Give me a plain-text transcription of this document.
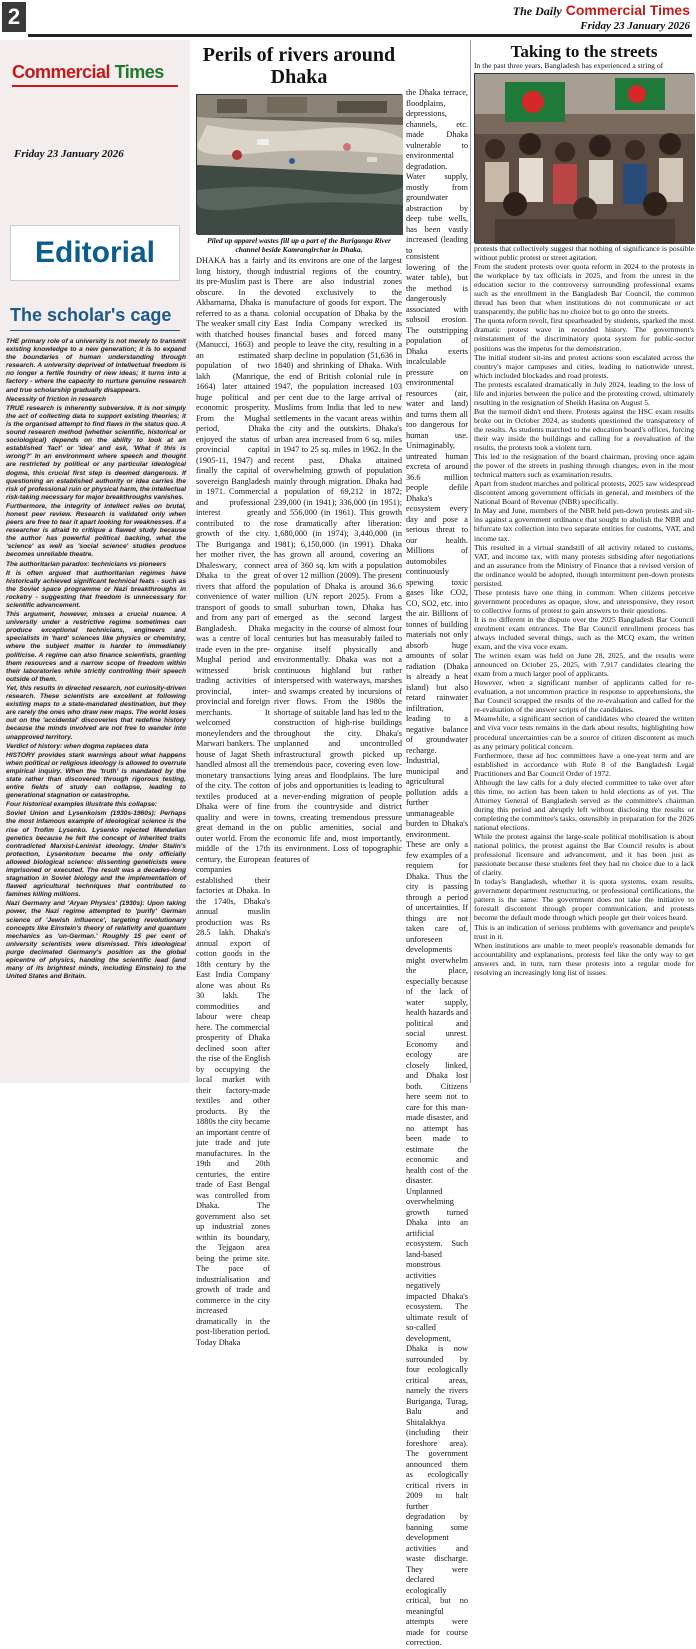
2	The Daily Commercial Times
Friday 23 January 2026
Commercial Times
Friday 23 January 2026
Editorial
The scholar's cage

THE primary role of a university is not merely to transmit existing knowledge to a new generation; it is to expand the boundaries of human understanding through research. A university deprived of intellectual freedom is no longer a fertile foundry of new ideas; it turns into a factory - where the capacity to nurture genuine research and true scholarship gradually disappears.

Necessity of friction in research

TRUE research is inherently subversive. It is not simply the act of collecting data to support existing theories; it is the organised attempt to find flaws in the status quo. A sound research method (whether scientific, historical or sociological) depends on the ability to look at an established 'fact' or 'idea' and ask, 'What if this is wrong?' In an environment where speech and thought are restricted by political or any particular ideological dogma, this crucial first step is deemed dangerous. If questioning an established authority or idea carries the risk of professional ruin or physical harm, the intellectual risk-taking necessary for major breakthroughs vanishes.

Furthermore, the integrity of intellect relies on brutal, honest peer review. Research is validated only when peers are free to tear it apart looking for weaknesses. If a researcher is afraid to critique a flawed study because the author has powerful political backing, what the 'science' as well as 'social science' studies produce becomes unreliable theatre.

The authoritarian paradox: technicians vs pioneers

It is often argued that authoritarian regimes have historically achieved significant technical feats - such as the Soviet space programme or Nazi breakthroughs in rocketry - suggesting that freedom is unnecessary for scientific advancement.

This argument, however, misses a crucial nuance. A university under a restrictive regime sometimes can produce exceptional technicians, engineers and specialists in 'hard' sciences like physics or chemistry, where the subject matter is harder to immediately politicise. A regime can also finance scientists, granting them resources and a narrow scope of freedom within their laboratories while strictly controlling their speech outside of them.

Yet, this results in directed research, not curiosity-driven research. These scientists are excellent at following existing maps to a state-mandated destination, but they are rarely the ones who draw new maps. The world loses out on the 'accidental' discoveries that redefine history because the minds involved are not free to wander into unapproved territory.

Verdict of history: when dogma replaces data

HISTORY provides stark warnings about what happens when political or religious ideology is allowed to overrule empirical inquiry. When the 'truth' is mandated by the state rather than discovered through rigorous testing, entire fields of study can collapse, leading to generational stagnation or catastrophe.

Four historical examples illustrate this collapse:

Soviet Union and Lysenkoism (1930s-1960s): Perhaps the most infamous example of ideological science is the rise of Trofim Lysenko. Lysenko rejected Mendelian genetics because he felt the concept of inherited traits contradicted Marxist-Leninist ideology. Under Stalin's protection, Lysenkoism became the only officially allowed biological science: dissenting geneticists were imprisoned or executed. The result was a decades-long stagnation in Soviet biology and the implementation of flawed agricultural techniques that contributed to famines killing millions.

Nazi Germany and 'Aryan Physics' (1930s): Upon taking power, the Nazi regime attempted to 'purify' German science of 'Jewish influence', targeting revolutionary concepts like Einstein's theory of relativity and quantum mechanics as 'un-German.' Roughly 15 per cent of university scientists were dismissed. This ideological purge decimated Germany's position as the global epicentre of physics, handing the scientific lead (and many of its brightest minds, including Einstein) to the United States and Britain.

Perils of rivers around Dhaka
Piled up apparel wastes fill up a part of the Buriganga River channel beside Kamrangirchar in Dhaka.

the Dhaka terrace, floodplains, depressions, channels, etc. made Dhaka vulnerable to environmental degradation. Water supply, mostly from groundwater abstraction by deep tube wells, has been vastly increased (leading to

DHAKA has a fairly long history, though its pre-Muslim past is obscure. In the Akbarnama, Dhaka is referred to as a thana. The weaker small city with thatched houses (Manucci, 1663) and an estimated population of two lakh (Manrique, 1664) later attained huge political and economic prosperity. From the Mughal period, Dhaka enjoyed the status of provincial capital (1905-11, 1947) and finally the capital of sovereign Bangladesh in 1971. Commercial and professional interest greatly contributed to the growth of the city. The Buriganga and her mother river, the Dhaleswary, connect Dhaka to the great rivers that afford the convenience of water transport of goods to and from any part of Bangladesh. Dhaka was a centre of local trade even in the pre-Mughal period and witnessed brisk trading activities of provincial, inter-provincial and foreign merchants. It welcomed moneylenders and the Marwari bankers. The house of Jagat Sheth handled almost all the monetary transactions of the city. The cotton textiles produced at Dhaka were of fine quality and were in great demand in the outer world. From the middle of the 17th century, the European companies established their factories at Dhaka. In the 1740s, Dhaka's annual muslin production was Rs 28.5 lakh. Dhaka's annual export of cotton goods in the 18th century by the East India Company alone was about Rs 30 lakh. The commodities and labour were cheap here. The commercial prosperity of Dhaka declined soon after the rise of the English by occupying the local market with their factory-made textiles and other products. By the 1880s the city became an important centre of jute trade and jute manufactures. In the 19th and 20th centuries, the entire trade of East Bengal was controlled from Dhaka. The government also set up industrial zones within its boundary, the Tejgaon area being the prime site. The pace of industrialisation and growth of trade and commerce in the city increased dramatically in the post-liberation period. Today Dhaka

and its environs are one of the largest industrial regions of the country. There are also industrial zones devoted exclusively to the manufacture of goods for export. The colonial occupation of Dhaka by the East India Company wrecked its financial bases and forced many people to leave the city, resulting in a sharp decline in population (51,636 in 1840) and shrinking of Dhaka. With the end of British colonial rule in 1947, the population increased 103 per cent due to the large arrival of Muslims from India that led to new settlements in the vacant areas within the city and the outskirts. Dhaka's urban area increased from 6 sq. miles in 1947 to 25 sq. miles in 1962. In the recent past, Dhaka attained overwhelming growth of population mainly through migration. Dhaka had a population of 69,212 in 1872; 239,000 (in 1941); 336,000 (in 1951); and 556,000 (in 1961). This growth rose dramatically after liberation: 1,680,000 (in 1974); 3,440,000 (in 1981); 6,150,000 (in 1991). Dhaka has grown all around, covering an area of 360 sq. km with a population of over 12 million (2009). The present population of Dhaka is around 36.6 million (UN report 2025). From a small suburban town, Dhaka has emerged as the second largest megacity in the course of almost four centuries but has measurably failed to organise itself physically and environmentally. Dhaka was not a continuous highland but rather interspersed with waterways, marshes and swamps created by incursions of river flows. From the 1980s the shortage of suitable land has led to the construction of high-rise buildings throughout the city. Dhaka's unplanned and uncontrolled infrastructural growth picked up tremendous pace, covering even low-lying areas and floodplains. The lure of jobs and opportunities is leading to a never-ending migration of people from the countryside and district towns, creating tremendous pressure on public amenities, social and economic life and, most importantly, its environment. Loss of topographic features of

consistent lowering of the water table), but the method is dangerously associated with subsoil erosion. The outstripping population of Dhaka exerts incalculable pressure on environmental resources (air, water and land) and turns them all too dangerous for human use. Unimaginably, untreated human excreta of around 36.6 million people defile Dhaka's ecosystem every day and pose a serious threat to our health. Millions of automobiles continuously spewing toxic gases like CO2, CO, SO2, etc. into the air. Billions of tonnes of building materials not only absorb huge amounts of solar radiation (Dhaka is already a heat island) but also retard rainwater infiltration, leading to a negative balance of groundwater recharge. Industrial, municipal and agricultural pollution adds a further unmanageable burden to Dhaka's environment. These are only a few examples of a requiem for Dhaka. Thus the city is passing through a period of uncertainties. If things are not taken care of, unforeseen developments might overwhelm the place, especially because of the lack of water supply, health hazards and political and social unrest. Economy and ecology are closely linked, and Dhaka lost both. Citizens here seem not to care for this man-made disaster, and no attempt has been made to estimate the economic and health cost of the disaster. Unplanned overwhelming growth turned Dhaka into an artificial ecosystem. Such land-based monstrous activities negatively impacted Dhaka's ecosystem. The ultimate result of so-called development, Dhaka is now surrounded by four ecologically critical areas, namely the rivers Buriganga, Turag, Balu and Shitalakhya (including their foreshore area). The government announced them as ecologically critical rivers in 2009 to halt further degradation by banning some development activities and waste discharge. They were declared ecologically critical, but no meaningful attempts were made for course correction.

Taking to the streets
In the past three years, Bangladesh has experienced a string of

protests that collectively suggest that nothing of significance is possible without public protest or street agitation.

From the student protests over quota reform in 2024 to the protests in the workplace by tax officials in 2025, and from the unrest in the education sector to the controversy surrounding professional exams such as the enrollment in the Bangladesh Bar Council, the common thread has been that when institutions do not communicate or act transparently, the public has no choice but to go onto the streets.

The quota reform revolt, first spearheaded by students, sparked the most dramatic protest wave in recorded history. The government's reinstatement of the discriminatory quota system for public-sector positions was the impetus for the demonstration.

The initial student sit-ins and protest actions soon escalated across the country's major campuses and cities, leading to nationwide unrest, which included blockades and road protests.

The protests escalated dramatically in July 2024, leading to the loss of life and injuries between the police and the protesting crowd, ultimately resulting in the resignation of Sheikh Hasina on August 5.

But the turmoil didn't end there. Protests against the HSC exam results broke out in October 2024, as students questioned the transparency of the results. As students marched to the education board's offices, forcing their way inside the buildings and calling for a reevaluation of the results, the protests took a violent turn.

This led to the resignation of the board chairman, proving once again the power of the streets in pushing through changes, even in the most technical matters such as examination results.

Apart from student marches and political protests, 2025 saw widespread discontent among government officials in general, and members of the National Board of Revenue (NBR) specifically.

In May and June, members of the NBR held pen-down protests and sit-ins against a government ordinance that sought to abolish the NBR and bifurcate tax collection into two separate entities for customs, VAT, and income tax.

This resulted in a virtual standstill of all activity related to customs, VAT, and income tax, with many protests subsiding after negotiations and an assurance from the Ministry of Finance that a revised version of the ordinance would be adopted, though intermittent pen-down protests persisted.

These protests have one thing in common: When citizens perceive government procedures as opaque, slow, and unresponsive, they resort to collective forms of protest to gain answers to their questions.

It is no different in the dispute over the 2025 Bangladesh Bar Council enrolment exam entrances. The Bar Council enrollment process has always included several things, such as the MCQ exam, the written exam, and the viva voce exam.

The written exam was held on June 28, 2025, and the results were announced on October 25, 2025, with 7,917 candidates clearing the exam from a much larger pool of applicants.

However, when a significant number of applicants called for re-evaluation, a not uncommon practice in response to apprehensions, the Bar Council scrapped the results of the re-evaluation and called for the re-evaluation of the answer scripts of the candidates.

Meanwhile, a significant section of candidates who cleared the written and viva voce tests remains in the dark about results, highlighting how procedural uncertainties can be a source of citizen discontent as much as any primary political concern.

Furthermore, these ad hoc committees have a one-year term and are established in accordance with Rule 8 of the Bangladesh Legal Practitioners and Bar Council Order of 1972.

Although the law calls for a duly elected committee to take over after this time, no action has been taken to hold elections as of yet. The Attorney General of Bangladesh served as the committee's chairman during this period and abruptly left without disclosing the results or completing the committee's tasks, ostensibly in preparation for the 2026 national elections.

While the protest against the large-scale political mobilisation is about national politics, the protest against the Bar Council results is about professional licensure and advancement, and it has been just as passionate because these students feel they had no choice due to a lack of clarity.

In today's Bangladesh, whether it is quota systems, exam results, government department restructuring, or professional certifications, the pattern is the same: The government does not take the initiative to forestall discontent through proper communication, and protests become the default mode through which people get their voices heard.

This is an indication of serious problems with governance and people's trust in it.

When institutions are unable to meet people's reasonable demands for accountability and explanations, protests feel like the only way to get answers and, in turn, turn these protests into a regular mode for resolving an increasingly long list of issues.
